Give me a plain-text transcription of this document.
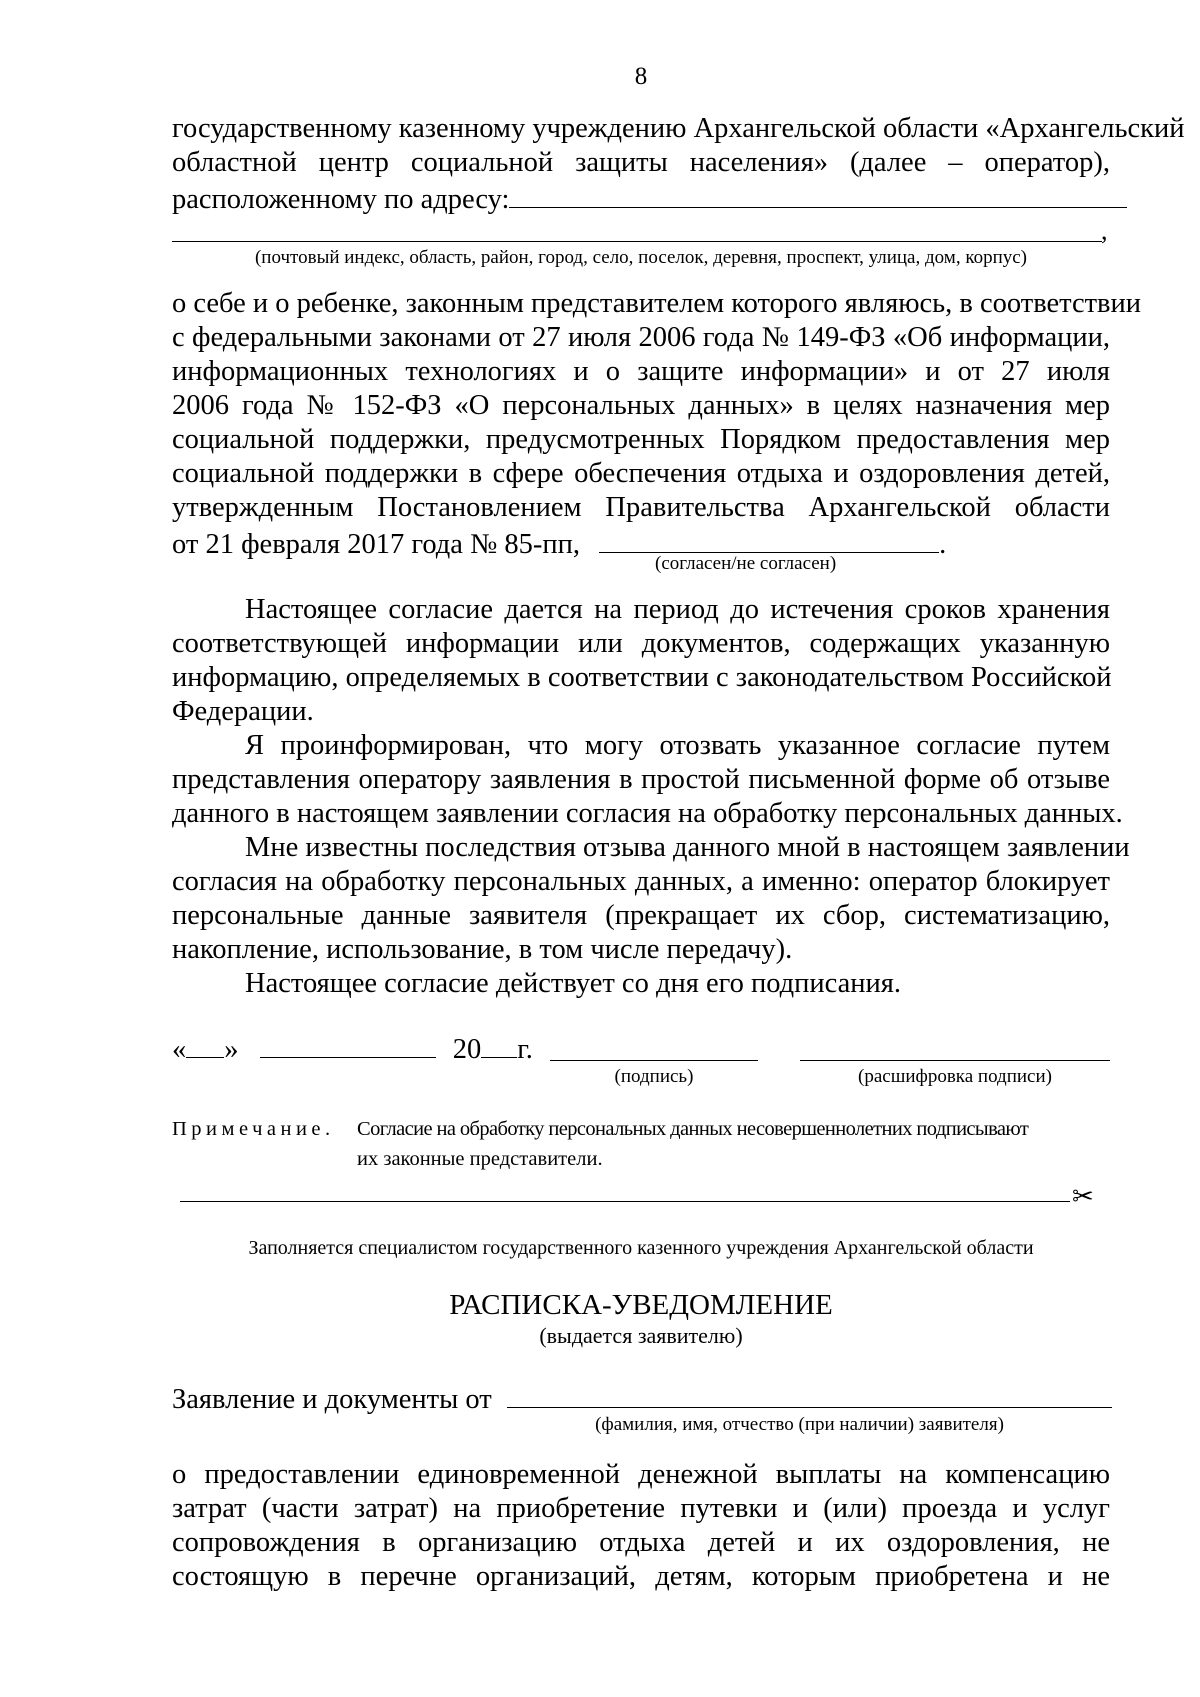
8
государственному казенному учреждению Архангельской области «Архангельский
областной центр социальной защиты населения» (далее – оператор),
расположенному по адресу:
,
(почтовый индекс, область, район, город, село, поселок, деревня, проспект, улица, дом, корпус)
о себе и о ребенке, законным представителем которого являюсь, в соответствии
с федеральными законами от 27 июля 2006 года № 149-ФЗ «Об информации,
информационных технологиях и о защите информации» и от 27 июля
2006 года № 152-ФЗ «О персональных данных» в целях назначения мер
социальной поддержки, предусмотренных Порядком предоставления мер
социальной поддержки в сфере обеспечения отдыха и оздоровления детей,
утвержденным Постановлением Правительства Архангельской области
от 21 февраля 2017 года № 85-пп,	.
(согласен/не согласен)
Настоящее согласие дается на период до истечения сроков хранения
соответствующей информации или документов, содержащих указанную
информацию, определяемых в соответствии с законодательством Российской
Федерации.
Я проинформирован, что могу отозвать указанное согласие путем
представления оператору заявления в простой письменной форме об отзыве
данного в настоящем заявлении согласия на обработку персональных данных.
Мне известны последствия отзыва данного мной в настоящем заявлении
согласия на обработку персональных данных, а именно: оператор блокирует
персональные данные заявителя (прекращает их сбор, систематизацию,
накопление, использование, в том числе передачу).
Настоящее согласие действует со дня его подписания.
« »	20 г.
(подпись)	(расшифровка подписи)
Примечание. Согласие на обработку персональных данных несовершеннолетних подписывают
их законные представители.
✂
Заполняется специалистом государственного казенного учреждения Архангельской области
РАСПИСКА-УВЕДОМЛЕНИЕ
(выдается заявителю)
Заявление и документы от
(фамилия, имя, отчество (при наличии) заявителя)
о предоставлении единовременной денежной выплаты на компенсацию
затрат (части затрат) на приобретение путевки и (или) проезда и услуг
сопровождения в организацию отдыха детей и их оздоровления, не
состоящую в перечне организаций, детям, которым приобретена и не
